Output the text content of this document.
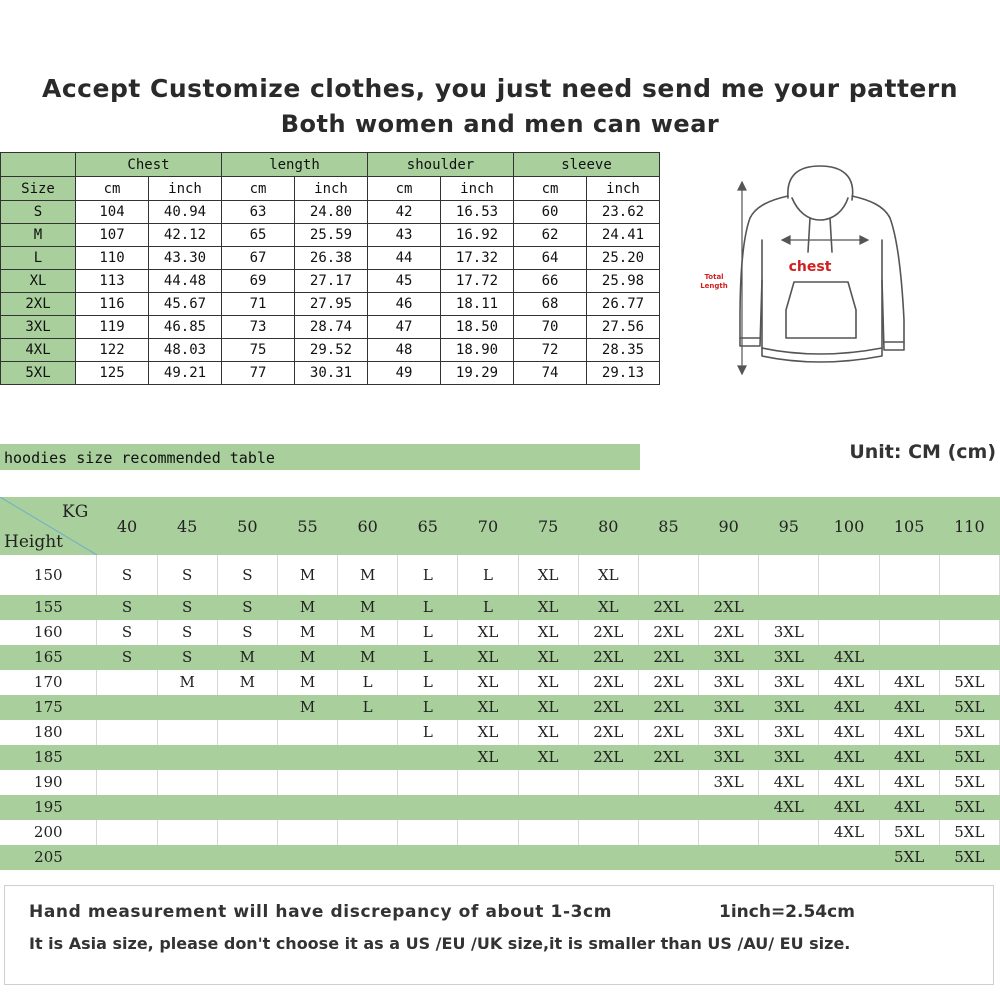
Accept Customize clothes, you just need send me your pattern
Both women and men can wear
	Chest		length		shoulder		sleeve	
Size	cm	inch	cm	inch	cm	inch	cm	inch
S	104	40.94	63	24.80	42	16.53	60	23.62
M	107	42.12	65	25.59	43	16.92	62	24.41
L	110	43.30	67	26.38	44	17.32	64	25.20
XL	113	44.48	69	27.17	45	17.72	66	25.98
2XL	116	45.67	71	27.95	46	18.11	68	26.77
3XL	119	46.85	73	28.74	47	18.50	70	27.56
4XL	122	48.03	75	29.52	48	18.90	72	28.35
5XL	125	49.21	77	30.31	49	19.29	74	29.13
chest
Total
Length
hoodies size recommended table	Unit: CM (cm)
KG
Height	40	45	50	55	60	65	70	75	80	85	90	95	100	105	110
150	S	S	S	M	M	L	L	XL	XL						
155	S	S	S	M	M	L	L	XL	XL	2XL	2XL				
160	S	S	S	M	M	L	XL	XL	2XL	2XL	2XL	3XL			
165	S	S	M	M	M	L	XL	XL	2XL	2XL	3XL	3XL	4XL		
170		M	M	M	L	L	XL	XL	2XL	2XL	3XL	3XL	4XL	4XL	5XL
175				M	L	L	XL	XL	2XL	2XL	3XL	3XL	4XL	4XL	5XL
180						L	XL	XL	2XL	2XL	3XL	3XL	4XL	4XL	5XL
185							XL	XL	2XL	2XL	3XL	3XL	4XL	4XL	5XL
190											3XL	4XL	4XL	4XL	5XL
195												4XL	4XL	4XL	5XL
200													4XL	5XL	5XL
205														5XL	5XL
Hand measurement will have discrepancy of about 1-3cm	1inch=2.54cm
It is Asia size, please don't choose it as a US /EU /UK size,it is smaller than US /AU/ EU size.
